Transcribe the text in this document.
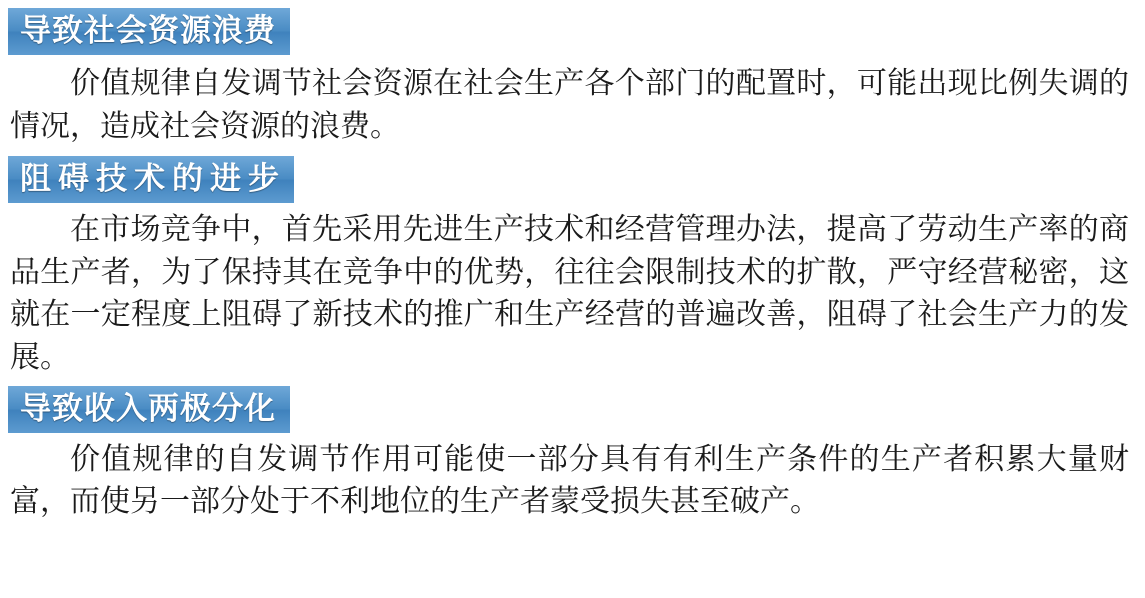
导致社会资源浪费

价值规律自发调节社会资源在社会生产各个部门的配置时，可能出现比例失调的情况，造成社会资源的浪费。

阻碍技术的进步

在市场竞争中，首先采用先进生产技术和经营管理办法，提高了劳动生产率的商品生产者，为了保持其在竞争中的优势，往往会限制技术的扩散，严守经营秘密，这就在一定程度上阻碍了新技术的推广和生产经营的普遍改善，阻碍了社会生产力的发展。

导致收入两极分化

价值规律的自发调节作用可能使一部分具有有利生产条件的生产者积累大量财富，而使另一部分处于不利地位的生产者蒙受损失甚至破产。
